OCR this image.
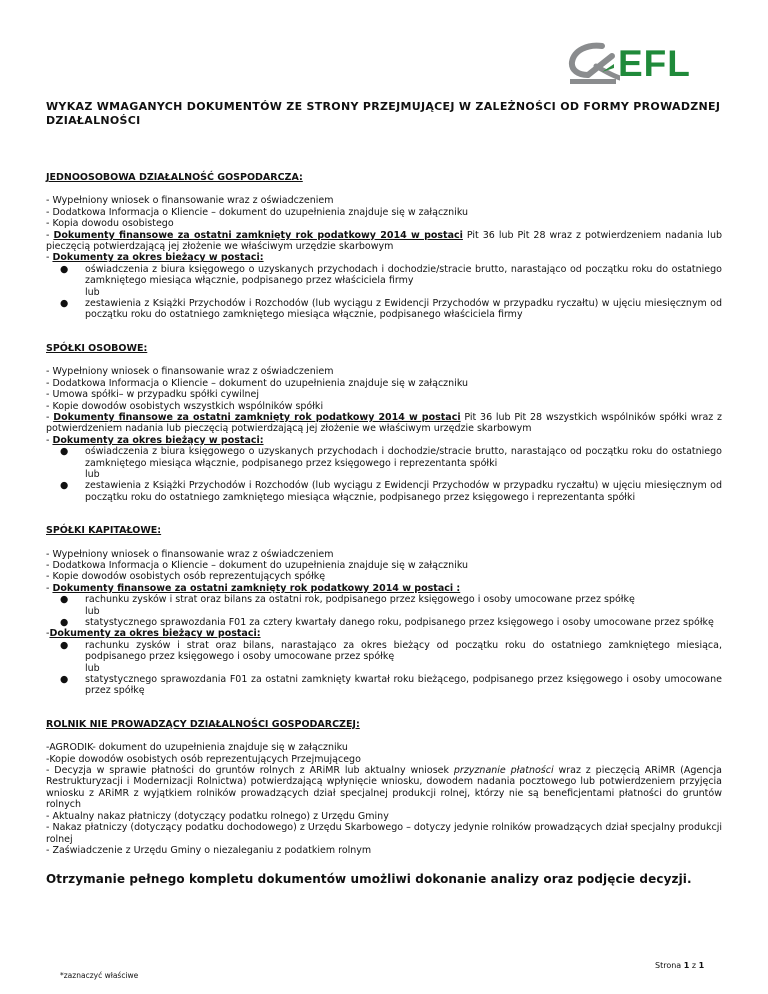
EFL
WYKAZ WMAGANYCH DOKUMENTÓW ZE STRONY PRZEJMUJĄCEJ W ZALEŻNOŚCI OD FORMY PROWADZNEJ DZIAŁALNOŚCI
JEDNOOSOBOWA DZIAŁALNOŚĆ GOSPODARCZA:

- Wypełniony wniosek o finansowanie wraz z oświadczeniem

- Dodatkowa Informacja o Kliencie – dokument do uzupełnienia znajduje się w załączniku

- Kopia dowodu osobistego

- Dokumenty finansowe za ostatni zamknięty rok podatkowy 2014 w postaci Pit 36 lub Pit 28 wraz z potwierdzeniem nadania lub pieczęcią potwierdzającą jej złożenie we właściwym urzędzie skarbowym

- Dokumenty za okres bieżący w postaci:

● oświadczenia z biura księgowego o uzyskanych przychodach i dochodzie/stracie brutto, narastająco od początku roku do ostatniego zamkniętego miesiąca włącznie, podpisanego przez właściciela firmy
lub
● zestawienia z Książki Przychodów i Rozchodów (lub wyciągu z Ewidencji Przychodów w przypadku ryczałtu) w ujęciu miesięcznym od początku roku do ostatniego zamkniętego miesiąca włącznie, podpisanego właściciela firmy
SPÓŁKI OSOBOWE:

- Wypełniony wniosek o finansowanie wraz z oświadczeniem

- Dodatkowa Informacja o Kliencie – dokument do uzupełnienia znajduje się w załączniku

- Umowa spółki– w przypadku spółki cywilnej

- Kopie dowodów osobistych wszystkich wspólników spółki

- Dokumenty finansowe za ostatni zamknięty rok podatkowy 2014 w postaci Pit 36 lub Pit 28 wszystkich wspólników spółki wraz z potwierdzeniem nadania lub pieczęcią potwierdzającą jej złożenie we właściwym urzędzie skarbowym

- Dokumenty za okres bieżący w postaci:

● oświadczenia z biura księgowego o uzyskanych przychodach i dochodzie/stracie brutto, narastająco od początku roku do ostatniego zamkniętego miesiąca włącznie, podpisanego przez księgowego i reprezentanta spółki
lub
● zestawienia z Książki Przychodów i Rozchodów (lub wyciągu z Ewidencji Przychodów w przypadku ryczałtu) w ujęciu miesięcznym od początku roku do ostatniego zamkniętego miesiąca włącznie, podpisanego przez księgowego i reprezentanta spółki
SPÓŁKI KAPITAŁOWE:

- Wypełniony wniosek o finansowanie wraz z oświadczeniem

- Dodatkowa Informacja o Kliencie – dokument do uzupełnienia znajduje się w załączniku

- Kopie dowodów osobistych osób reprezentujących spółkę

- Dokumenty finansowe za ostatni zamknięty rok podatkowy 2014 w postaci :

● rachunku zysków i strat oraz bilans za ostatni rok, podpisanego przez księgowego i osoby umocowane przez spółkę
lub
● statystycznego sprawozdania F01 za cztery kwartały danego roku, podpisanego przez księgowego i osoby umocowane przez spółkę

-Dokumenty za okres bieżący w postaci:

● rachunku zysków i strat oraz bilans, narastająco za okres bieżący od początku roku do ostatniego zamkniętego miesiąca, podpisanego przez księgowego i osoby umocowane przez spółkę
lub
● statystycznego sprawozdania F01 za ostatni zamknięty kwartał roku bieżącego, podpisanego przez księgowego i osoby umocowane przez spółkę
ROLNIK NIE PROWADZĄCY DZIAŁALNOŚCI GOSPODARCZEJ:

-AGRODIK- dokument do uzupełnienia znajduje się w załączniku

-Kopie dowodów osobistych osób reprezentujących Przejmującego

- Decyzja w sprawie płatności do gruntów rolnych z ARiMR lub aktualny wniosek przyznanie płatności wraz z pieczęcią ARiMR (Agencja Restrukturyzacji i Modernizacji Rolnictwa) potwierdzającą wpłynięcie wniosku, dowodem nadania pocztowego lub potwierdzeniem przyjęcia wniosku z ARiMR z wyjątkiem rolników prowadzących dział specjalnej produkcji rolnej, którzy nie są beneficjentami płatności do gruntów rolnych

- Aktualny nakaz płatniczy (dotyczący podatku rolnego) z Urzędu Gminy

- Nakaz płatniczy (dotyczący podatku dochodowego) z Urzędu Skarbowego – dotyczy jedynie rolników prowadzących dział specjalny produkcji rolnej

- Zaświadczenie z Urzędu Gminy o niezaleganiu z podatkiem rolnym

Otrzymanie pełnego kompletu dokumentów umożliwi dokonanie analizy oraz podjęcie decyzji.
Strona 1 z 1
*zaznaczyć właściwe
